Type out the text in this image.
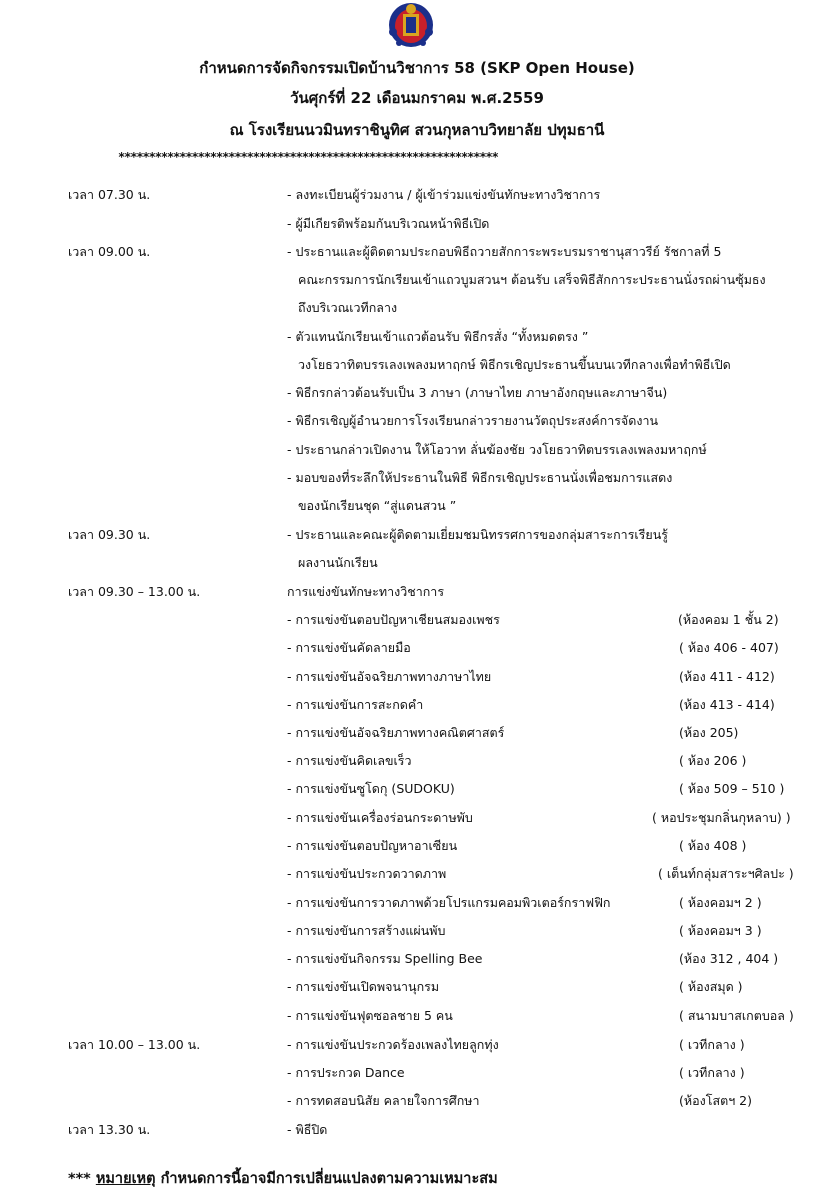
กำหนดการจัดกิจกรรมเปิดบ้านวิชาการ 58 (SKP Open House)
วันศุกร์ที่ 22 เดือนมกราคม พ.ศ.2559
ณ โรงเรียนนวมินทราชินูทิศ สวนกุหลาบวิทยาลัย ปทุมธานี
**************************************************************
เวลา 07.30 น.	- ลงทะเบียนผู้ร่วมงาน / ผู้เข้าร่วมแข่งขันทักษะทางวิชาการ
- ผู้มีเกียรติพร้อมกันบริเวณหน้าพิธีเปิด
เวลา 09.00 น.	- ประธานและผู้ติดตามประกอบพิธีถวายสักการะพระบรมราชานุสาวรีย์ รัชกาลที่ 5
คณะกรรมการนักเรียนเข้าแถวบูมสวนฯ ต้อนรับ เสร็จพิธีสักการะประธานนั่งรถผ่านซุ้มธง
ถึงบริเวณเวทีกลาง
- ตัวแทนนักเรียนเข้าแถวต้อนรับ พิธีกรสั่ง “ทั้งหมดตรง ”
วงโยธวาทิตบรรเลงเพลงมหาฤกษ์ พิธีกรเชิญประธานขึ้นบนเวทีกลางเพื่อทำพิธีเปิด
- พิธีกรกล่าวต้อนรับเป็น 3 ภาษา (ภาษาไทย ภาษาอังกฤษและภาษาจีน)
- พิธีกรเชิญผู้อำนวยการโรงเรียนกล่าวรายงานวัตถุประสงค์การจัดงาน
- ประธานกล่าวเปิดงาน ให้โอวาท ลั่นฆ้องชัย วงโยธวาทิตบรรเลงเพลงมหาฤกษ์
- มอบของที่ระลึกให้ประธานในพิธี พิธีกรเชิญประธานนั่งเพื่อชมการแสดง
ของนักเรียนชุด “สู่แดนสวน ”
เวลา 09.30 น.	- ประธานและคณะผู้ติดตามเยี่ยมชมนิทรรศการของกลุ่มสาระการเรียนรู้
ผลงานนักเรียน
เวลา 09.30 – 13.00 น.	การแข่งขันทักษะทางวิชาการ
- การแข่งขันตอบปัญหาเชียนสมองเพชร	(ห้องคอม 1 ชั้น 2)
- การแข่งขันคัดลายมือ	( ห้อง 406 - 407)
- การแข่งขันอัจฉริยภาพทางภาษาไทย	(ห้อง 411 - 412)
- การแข่งขันการสะกดคำ	(ห้อง 413 - 414)
- การแข่งขันอัจฉริยภาพทางคณิตศาสตร์	(ห้อง 205)
- การแข่งขันคิดเลขเร็ว	( ห้อง 206 )
- การแข่งขันซูโดกุ (SUDOKU)	( ห้อง 509 – 510 )
- การแข่งขันเครื่องร่อนกระดาษพับ	( หอประชุมกลิ่นกุหลาบ) )
- การแข่งขันตอบปัญหาอาเซียน	( ห้อง 408 )
- การแข่งขันประกวดวาดภาพ	( เต็นท์กลุ่มสาระฯศิลปะ )
- การแข่งขันการวาดภาพด้วยโปรแกรมคอมพิวเตอร์กราฟฟิก	( ห้องคอมฯ 2 )
- การแข่งขันการสร้างแผ่นพับ	( ห้องคอมฯ 3 )
- การแข่งขันกิจกรรม Spelling Bee	(ห้อง 312 , 404 )
- การแข่งขันเปิดพจนานุกรม	( ห้องสมุด )
- การแข่งขันฟุตซอลชาย 5 คน	( สนามบาสเกตบอล )
เวลา 10.00 – 13.00 น.	- การแข่งขันประกวดร้องเพลงไทยลูกทุ่ง	( เวทีกลาง )
- การประกวด Dance	( เวทีกลาง )
- การทดสอบนิสัย คลายใจการศึกษา	(ห้องโสตฯ 2)
เวลา 13.30 น.	- พิธีปิด
*** หมายเหตุ กำหนดการนี้อาจมีการเปลี่ยนแปลงตามความเหมาะสม
